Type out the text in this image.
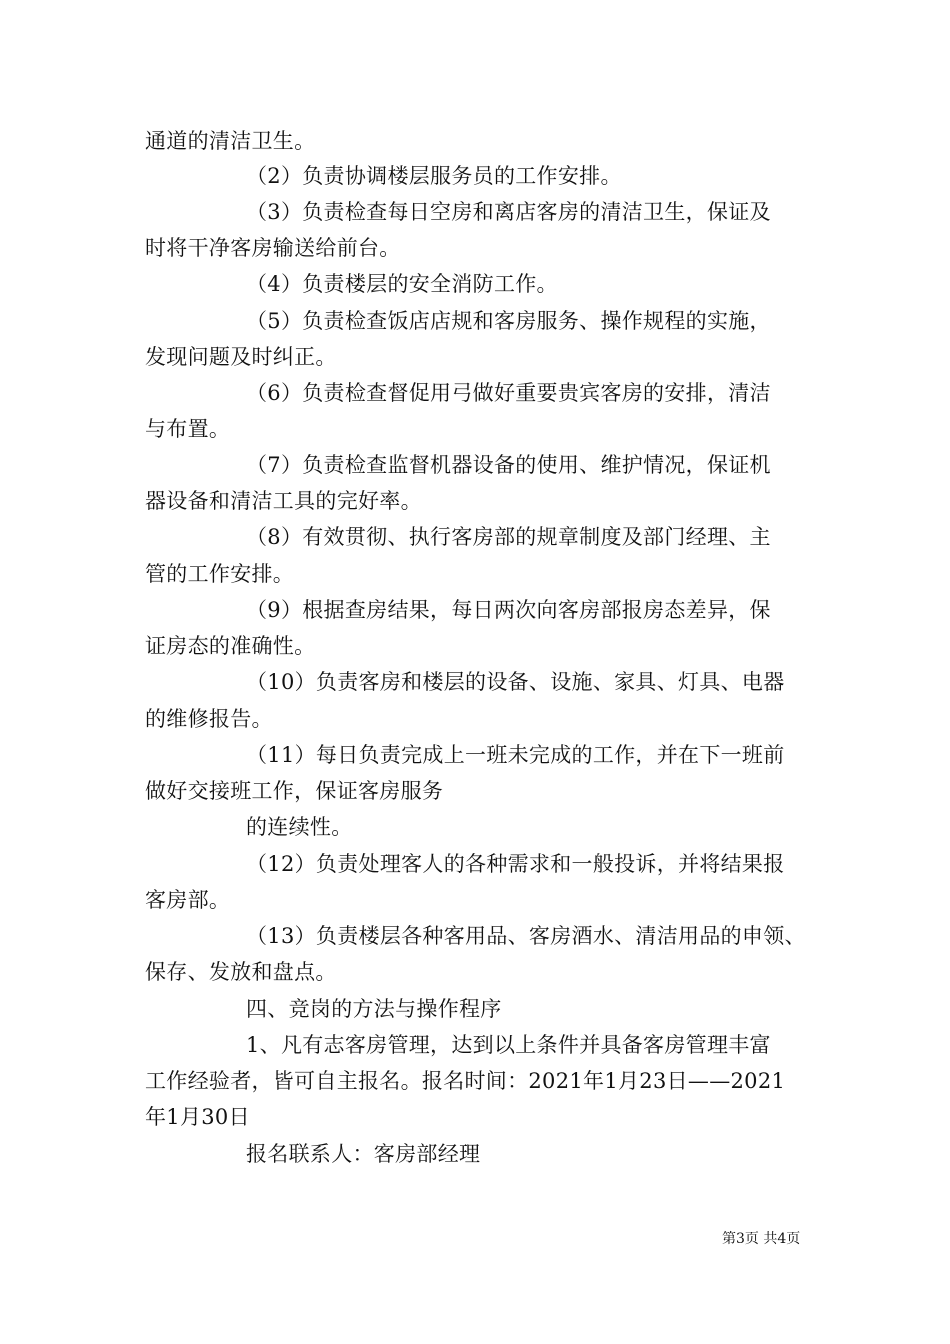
通道的清洁卫生。
（2）负责协调楼层服务员的工作安排。
（3）负责检查每日空房和离店客房的清洁卫生，保证及
时将干净客房输送给前台。
（4）负责楼层的安全消防工作。
（5）负责检查饭店店规和客房服务、操作规程的实施，
发现问题及时纠正。
（6）负责检查督促用弓做好重要贵宾客房的安排，清洁
与布置。
（7）负责检查监督机器设备的使用、维护情况，保证机
器设备和清洁工具的完好率。
（8）有效贯彻、执行客房部的规章制度及部门经理、主
管的工作安排。
（9）根据查房结果，每日两次向客房部报房态差异，保
证房态的准确性。
（10）负责客房和楼层的设备、设施、家具、灯具、电器
的维修报告。
（11）每日负责完成上一班未完成的工作，并在下一班前
做好交接班工作，保证客房服务
的连续性。
（12）负责处理客人的各种需求和一般投诉，并将结果报
客房部。
（13）负责楼层各种客用品、客房酒水、清洁用品的申领、
保存、发放和盘点。
四、竞岗的方法与操作程序
1、凡有志客房管理，达到以上条件并具备客房管理丰富
工作经验者，皆可自主报名。报名时间：2021年1月23日——2021
年1月30日
报名联系人：客房部经理
第3页 共4页
